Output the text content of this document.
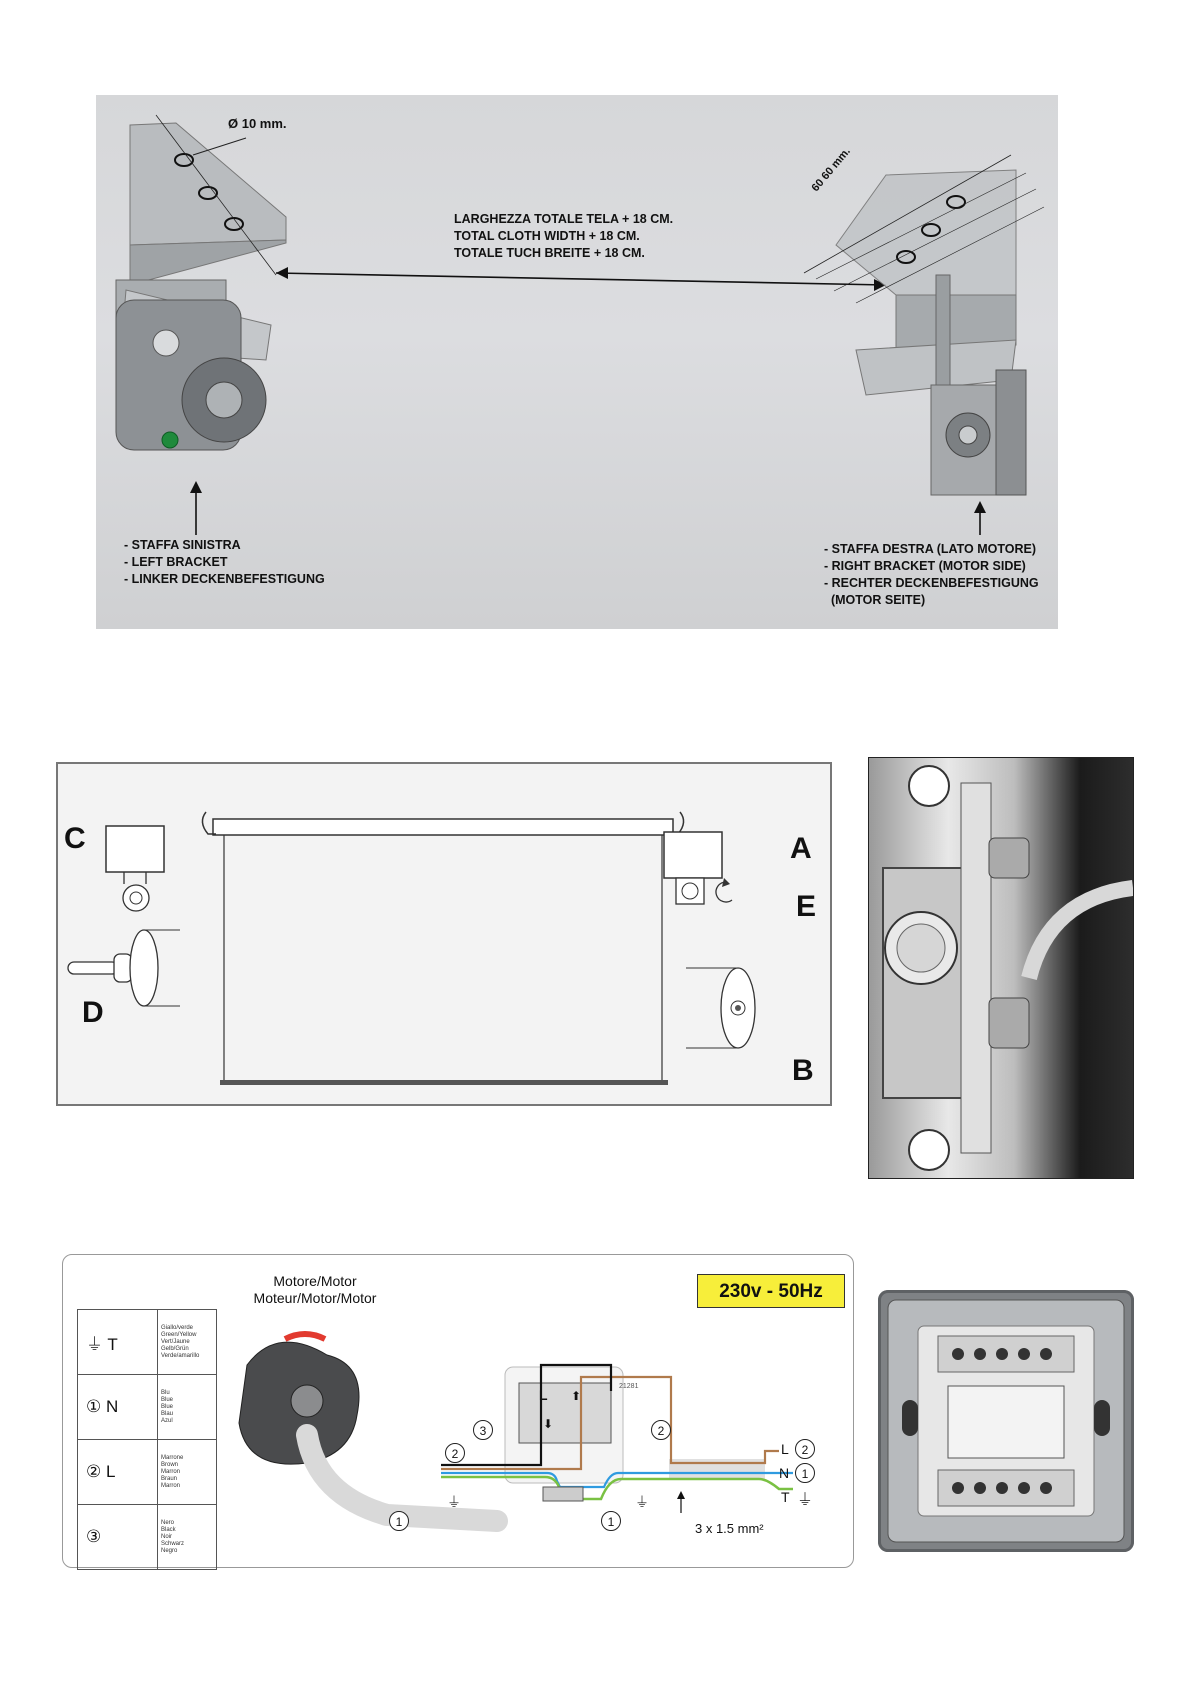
Ø 10 mm.
60 60 mm.
LARGHEZZA TOTALE TELA + 18 CM.
TOTAL CLOTH WIDTH + 18 CM.
TOTALE TUCH BREITE + 18 CM.
- STAFFA SINISTRA
- LEFT BRACKET
- LINKER DECKENBEFESTIGUNG
- STAFFA DESTRA (LATO MOTORE)
- RIGHT BRACKET (MOTOR SIDE)
- RECHTER DECKENBEFESTIGUNG
(MOTOR SEITE)
C
D
A
E
B
Motore/Motor
Moteur/Motor/Motor	230v - 50Hz
⏚ T	Giallo/verde
Green/Yellow
Vert/Jaune
Gelb/Grün
Verde/amarillo

① N	Blu
Blue
Blue
Blau
Azul

② L	Marrone
Brown
Marron
Braun
Marron

③	Nero
Black
Noir
Schwarz
Negro
⏚	⏚
L ⬆
⬇
21281
3	2
2
1	1
L	2
N	1
T ⏚
3 x 1.5 mm²
